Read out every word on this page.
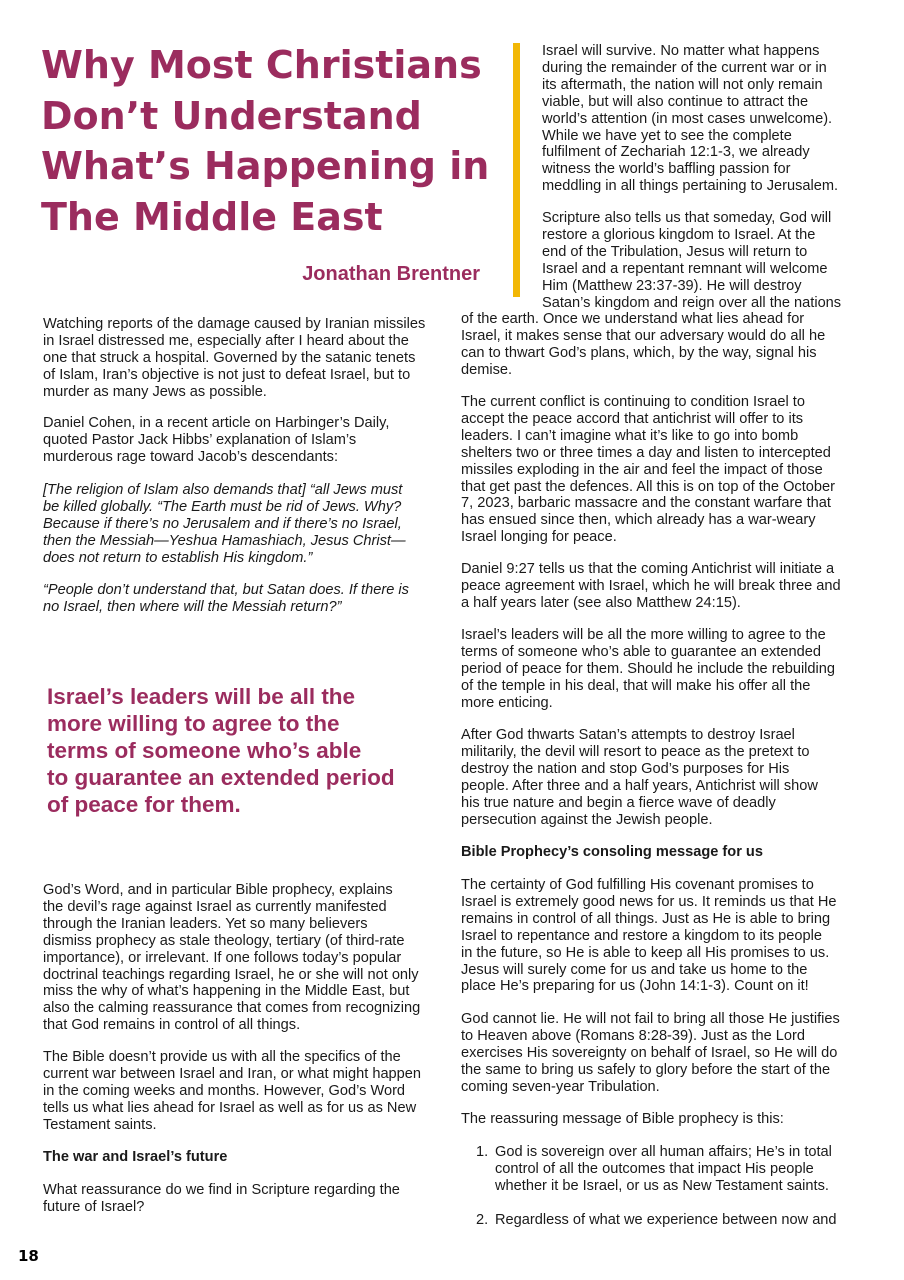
Why Most Christians
Don’t Understand
What’s Happening in
The Middle East
Jonathan Brentner

Watching reports of the damage caused by Iranian missiles
in Israel distressed me, especially after I heard about the
one that struck a hospital. Governed by the satanic tenets
of Islam, Iran’s objective is not just to defeat Israel, but to
murder as many Jews as possible.

Daniel Cohen, in a recent article on Harbinger’s Daily,
quoted Pastor Jack Hibbs’ explanation of Islam’s
murderous rage toward Jacob’s descendants:

[The religion of Islam also demands that] “all Jews must
be killed globally. “The Earth must be rid of Jews. Why?
Because if there’s no Jerusalem and if there’s no Israel,
then the Messiah—Yeshua Hamashiach, Jesus Christ—
does not return to establish His kingdom.”

“People don’t understand that, but Satan does. If there is
no Israel, then where will the Messiah return?”

Israel’s leaders will be all the
more willing to agree to the
terms of someone who’s able
to guarantee an extended period
of peace for them.

God’s Word, and in particular Bible prophecy, explains
the devil’s rage against Israel as currently manifested
through the Iranian leaders. Yet so many believers
dismiss prophecy as stale theology, tertiary (of third-rate
importance), or irrelevant. If one follows today’s popular
doctrinal teachings regarding Israel, he or she will not only
miss the why of what’s happening in the Middle East, but
also the calming reassurance that comes from recognizing
that God remains in control of all things.

The Bible doesn’t provide us with all the specifics of the
current war between Israel and Iran, or what might happen
in the coming weeks and months. However, God’s Word
tells us what lies ahead for Israel as well as for us as New
Testament saints.

The war and Israel’s future

What reassurance do we find in Scripture regarding the
future of Israel?

Israel will survive. No matter what happens
during the remainder of the current war or in
its aftermath, the nation will not only remain
viable, but will also continue to attract the
world’s attention (in most cases unwelcome).
While we have yet to see the complete
fulfilment of Zechariah 12:1-3, we already
witness the world’s baffling passion for
meddling in all things pertaining to Jerusalem.

Scripture also tells us that someday, God will
restore a glorious kingdom to Israel. At the
end of the Tribulation, Jesus will return to
Israel and a repentant remnant will welcome
Him (Matthew 23:37-39). He will destroy
Satan’s kingdom and reign over all the nations

of the earth. Once we understand what lies ahead for
Israel, it makes sense that our adversary would do all he
can to thwart God’s plans, which, by the way, signal his
demise.

The current conflict is continuing to condition Israel to
accept the peace accord that antichrist will offer to its
leaders. I can’t imagine what it’s like to go into bomb
shelters two or three times a day and listen to intercepted
missiles exploding in the air and feel the impact of those
that get past the defences. All this is on top of the October
7, 2023, barbaric massacre and the constant warfare that
has ensued since then, which already has a war-weary
Israel longing for peace.

Daniel 9:27 tells us that the coming Antichrist will initiate a
peace agreement with Israel, which he will break three and
a half years later (see also Matthew 24:15).

Israel’s leaders will be all the more willing to agree to the
terms of someone who’s able to guarantee an extended
period of peace for them. Should he include the rebuilding
of the temple in his deal, that will make his offer all the
more enticing.

After God thwarts Satan’s attempts to destroy Israel
militarily, the devil will resort to peace as the pretext to
destroy the nation and stop God’s purposes for His
people. After three and a half years, Antichrist will show
his true nature and begin a fierce wave of deadly
persecution against the Jewish people.

Bible Prophecy’s consoling message for us

The certainty of God fulfilling His covenant promises to
Israel is extremely good news for us. It reminds us that He
remains in control of all things. Just as He is able to bring
Israel to repentance and restore a kingdom to its people
in the future, so He is able to keep all His promises to us.
Jesus will surely come for us and take us home to the
place He’s preparing for us (John 14:1-3). Count on it!

God cannot lie. He will not fail to bring all those He justifies
to Heaven above (Romans 8:28-39). Just as the Lord
exercises His sovereignty on behalf of Israel, so He will do
the same to bring us safely to glory before the start of the
coming seven-year Tribulation.

The reassuring message of Bible prophecy is this:

1. God is sovereign over all human affairs; He’s in total
control of all the outcomes that impact His people
whether it be Israel, or us as New Testament saints.
2. Regardless of what we experience between now and
18
